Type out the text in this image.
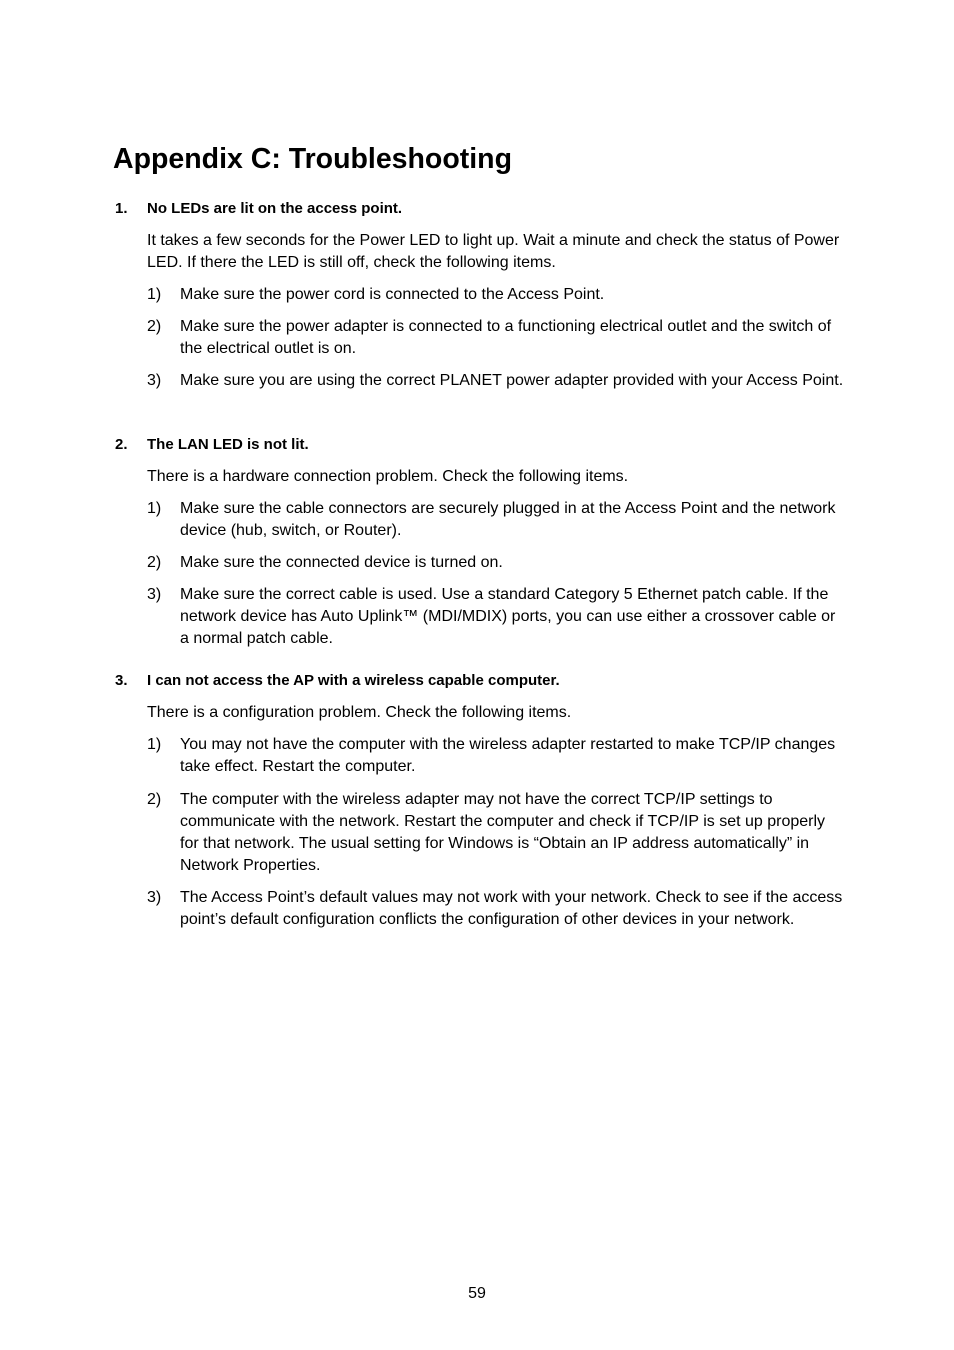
Appendix C: Troubleshooting
1. No LEDs are lit on the access point.
It takes a few seconds for the Power LED to light up. Wait a minute and check the status of Power LED. If there the LED is still off, check the following items.
1) Make sure the power cord is connected to the Access Point.
2) Make sure the power adapter is connected to a functioning electrical outlet and the switch of the electrical outlet is on.
3) Make sure you are using the correct PLANET power adapter provided with your Access Point.
2. The LAN LED is not lit.
There is a hardware connection problem. Check the following items.
1) Make sure the cable connectors are securely plugged in at the Access Point and the network device (hub, switch, or Router).
2) Make sure the connected device is turned on.
3) Make sure the correct cable is used. Use a standard Category 5 Ethernet patch cable. If the network device has Auto Uplink™ (MDI/MDIX) ports, you can use either a crossover cable or a normal patch cable.
3. I can not access the AP with a wireless capable computer.
There is a configuration problem. Check the following items.
1) You may not have the computer with the wireless adapter restarted to make TCP/IP changes take effect. Restart the computer.
2) The computer with the wireless adapter may not have the correct TCP/IP settings to communicate with the network. Restart the computer and check if TCP/IP is set up properly for that network. The usual setting for Windows is “Obtain an IP address automatically” in Network Properties.
3) The Access Point’s default values may not work with your network. Check to see if the access point’s default configuration conflicts the configuration of other devices in your network.
59
